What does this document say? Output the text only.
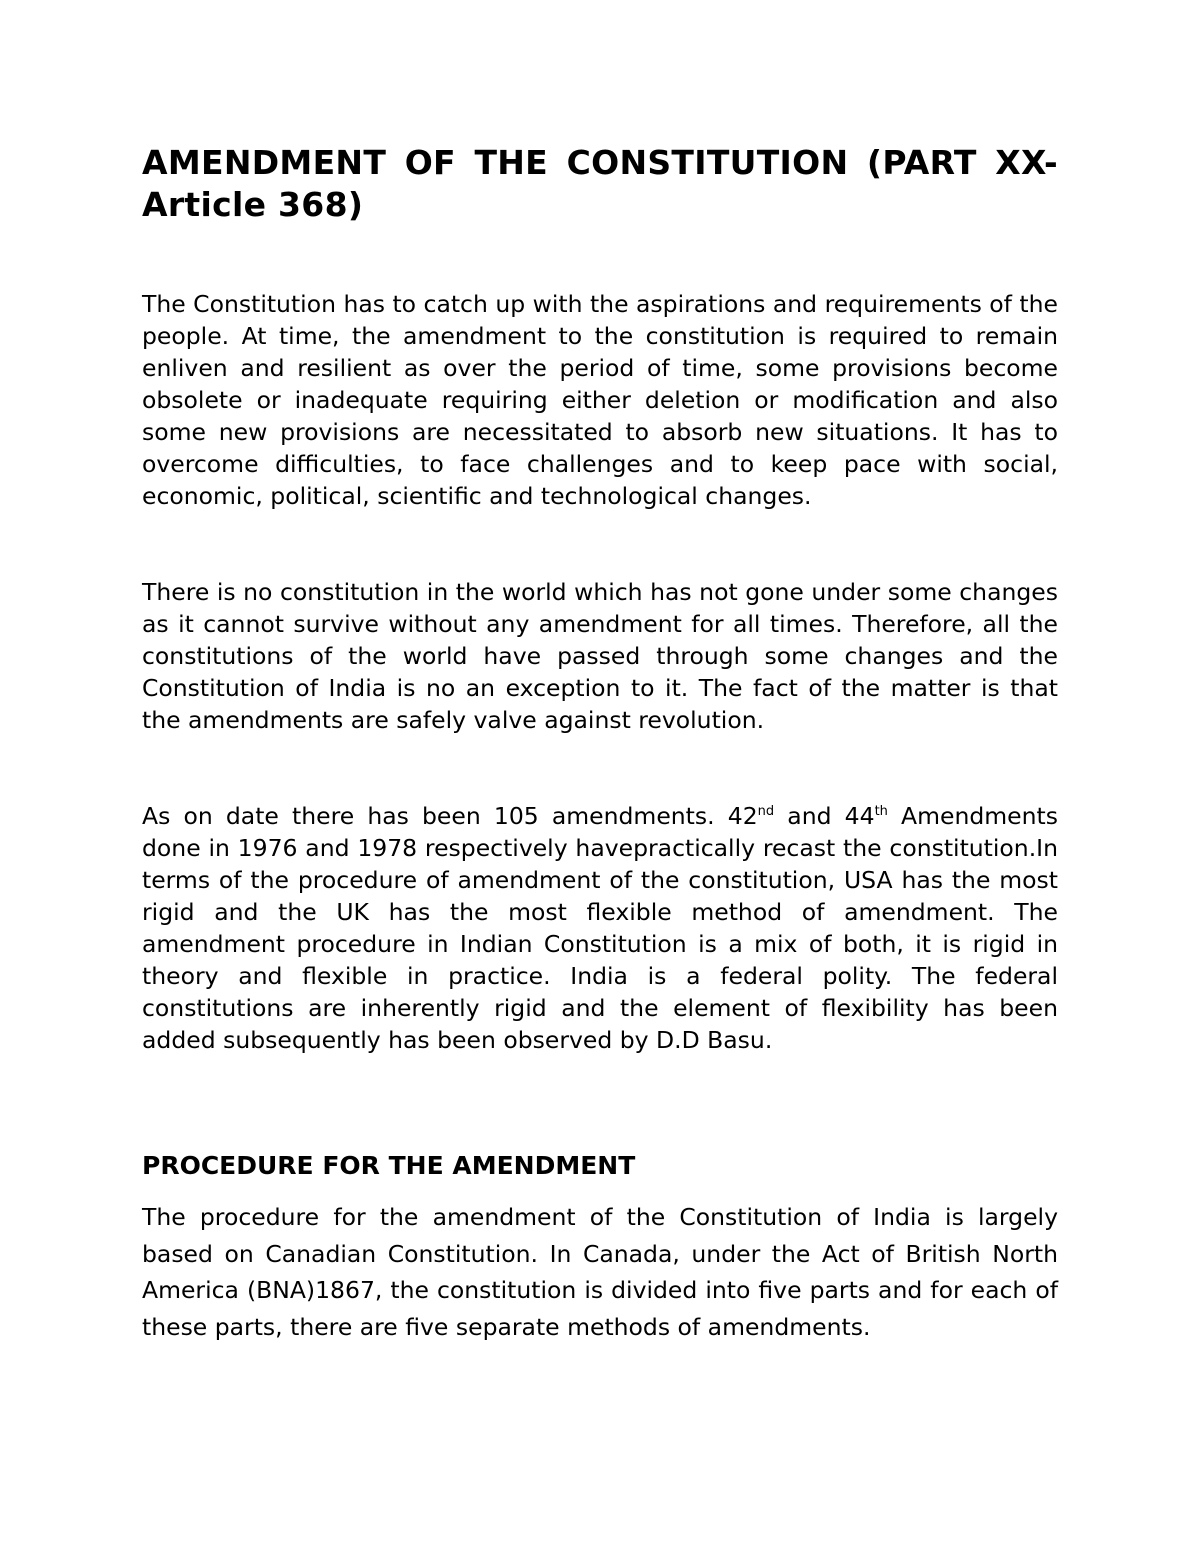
AMENDMENT OF THE CONSTITUTION (PART XX- Article 368)

The Constitution has to catch up with the aspirations and requirements of the people. At time, the amendment to the constitution is required to remain enliven and resilient as over the period of time, some provisions become obsolete or inadequate requiring either deletion or modification and also some new provisions are necessitated to absorb new situations. It has to overcome difficulties, to face challenges and to keep pace with social, economic, political, scientific and technological changes.

There is no constitution in the world which has not gone under some changes as it cannot survive without any amendment for all times. Therefore, all the constitutions of the world have passed through some changes and the Constitution of India is no an exception to it. The fact of the matter is that the amendments are safely valve against revolution.

As on date there has been 105 amendments. 42nd and 44th Amendments done in 1976 and 1978 respectively havepractically recast the constitution.In terms of the procedure of amendment of the constitution, USA has the most rigid and the UK has the most flexible method of amendment. The amendment procedure in Indian Constitution is a mix of both, it is rigid in theory and flexible in practice. India is a federal polity. The federal constitutions are inherently rigid and the element of flexibility has been added subsequently has been observed by D.D Basu.

PROCEDURE FOR THE AMENDMENT

The procedure for the amendment of the Constitution of India is largely based on Canadian Constitution. In Canada, under the Act of British North America (BNA)1867, the constitution is divided into five parts and for each of these parts, there are five separate methods of amendments.
